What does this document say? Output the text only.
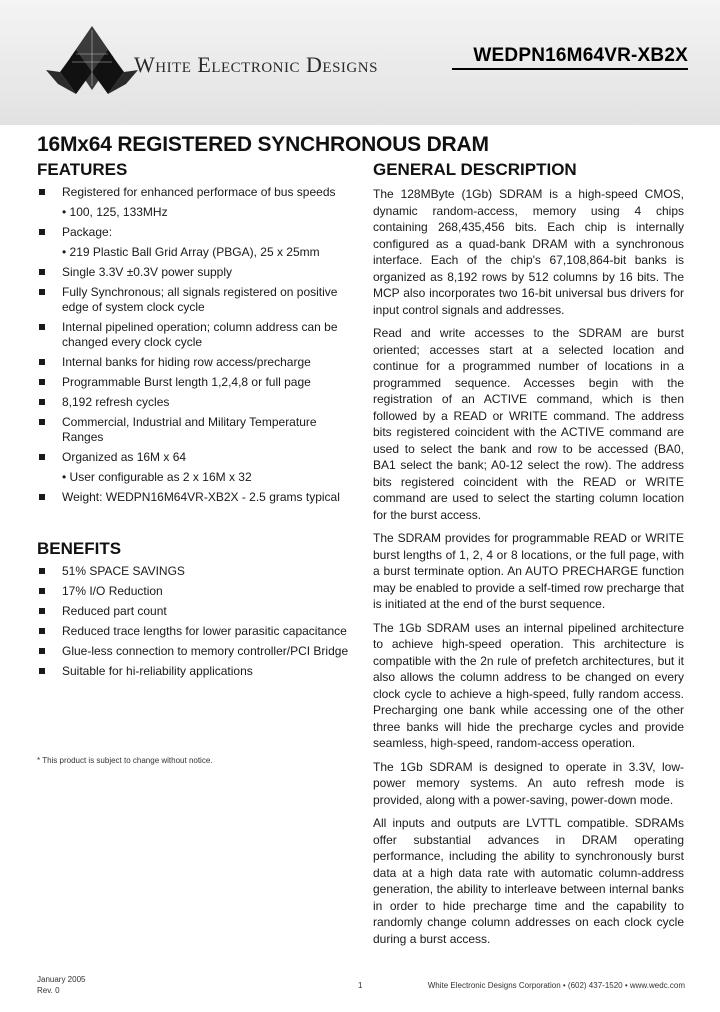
White Electronic Designs	WEDPN16M64VR-XB2X
16Mx64 REGISTERED SYNCHRONOUS DRAM
FEATURES
Registered for enhanced performace of bus speeds
• 100, 125, 133MHz
Package:
• 219 Plastic Ball Grid Array (PBGA), 25 x 25mm
Single 3.3V ±0.3V power supply
Fully Synchronous; all signals registered on positive edge of system clock cycle
Internal pipelined operation; column address can be changed every clock cycle
Internal banks for hiding row access/precharge
Programmable Burst length 1,2,4,8 or full page
8,192 refresh cycles
Commercial, Industrial and Military Temperature Ranges
Organized as 16M x 64
• User configurable as 2 x 16M x 32
Weight: WEDPN16M64VR-XB2X - 2.5 grams typical
BENEFITS
51% SPACE SAVINGS
17% I/O Reduction
Reduced part count
Reduced trace lengths for lower parasitic capacitance
Glue-less connection to memory controller/PCI Bridge
Suitable for hi-reliability applications
* This product is subject to change without notice.
GENERAL DESCRIPTION

The 128MByte (1Gb) SDRAM is a high-speed CMOS, dynamic random-access, memory using 4 chips containing 268,435,456 bits. Each chip is internally configured as a quad-bank DRAM with a synchronous interface. Each of the chip's 67,108,864-bit banks is organized as 8,192 rows by 512 columns by 16 bits. The MCP also incorporates two 16-bit universal bus drivers for input control signals and addresses.

Read and write accesses to the SDRAM are burst oriented; accesses start at a selected location and continue for a programmed number of locations in a programmed sequence. Accesses begin with the registration of an ACTIVE command, which is then followed by a READ or WRITE command. The address bits registered coincident with the ACTIVE command are used to select the bank and row to be accessed (BA0, BA1 select the bank; A0-12 select the row). The address bits registered coincident with the READ or WRITE command are used to select the starting column location for the burst access.

The SDRAM provides for programmable READ or WRITE burst lengths of 1, 2, 4 or 8 locations, or the full page, with a burst terminate option. An AUTO PRECHARGE function may be enabled to provide a self-timed row precharge that is initiated at the end of the burst sequence.

The 1Gb SDRAM uses an internal pipelined architecture to achieve high-speed operation. This architecture is compatible with the 2n rule of prefetch architectures, but it also allows the column address to be changed on every clock cycle to achieve a high-speed, fully random access. Precharging one bank while accessing one of the other three banks will hide the precharge cycles and provide seamless, high-speed, random-access operation.

The 1Gb SDRAM is designed to operate in 3.3V, low-power memory systems. An auto refresh mode is provided, along with a power-saving, power-down mode.

All inputs and outputs are LVTTL compatible. SDRAMs offer substantial advances in DRAM operating performance, including the ability to synchronously burst data at a high data rate with automatic column-address generation, the ability to interleave between internal banks in order to hide precharge time and the capability to randomly change column addresses on each clock cycle during a burst access.

January 2005
Rev. 0
1	White Electronic Designs Corporation • (602) 437-1520 • www.wedc.com
